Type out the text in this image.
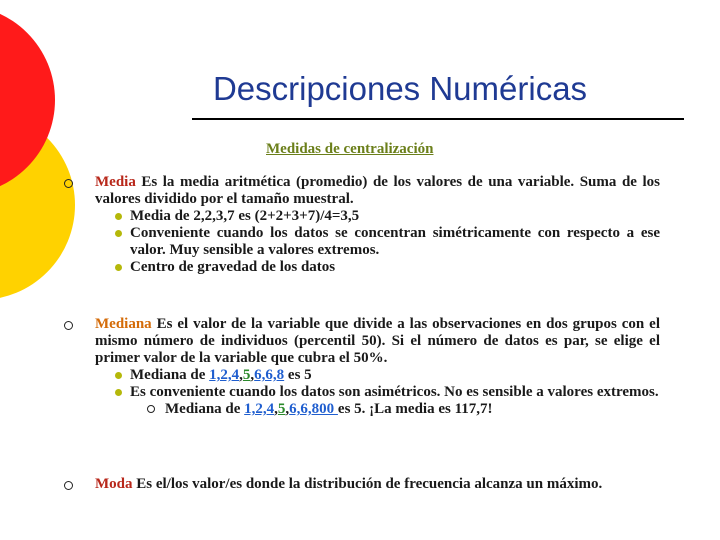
Descripciones Numéricas
Medidas de centralización

Media Es la media aritmética (promedio) de los valores de una variable. Suma de los valores dividido por el tamaño muestral.

Media de 2,2,3,7 es (2+2+3+7)/4=3,5
Conveniente cuando los datos se concentran simétricamente con respecto a ese valor. Muy sensible a valores extremos.
Centro de gravedad de los datos

Mediana Es el valor de la variable que divide a las observaciones en dos grupos con el mismo número de individuos (percentil 50). Si el número de datos es par, se elige el primer valor de la variable que cubra el 50%.

Mediana de 1,2,4,5,6,6,8 es 5
Es conveniente cuando los datos son asimétricos. No es sensible a valores extremos.
Mediana de 1,2,4,5,6,6,800 es 5. ¡La media es 117,7!

Moda Es el/los valor/es donde la distribución de frecuencia alcanza un máximo.
